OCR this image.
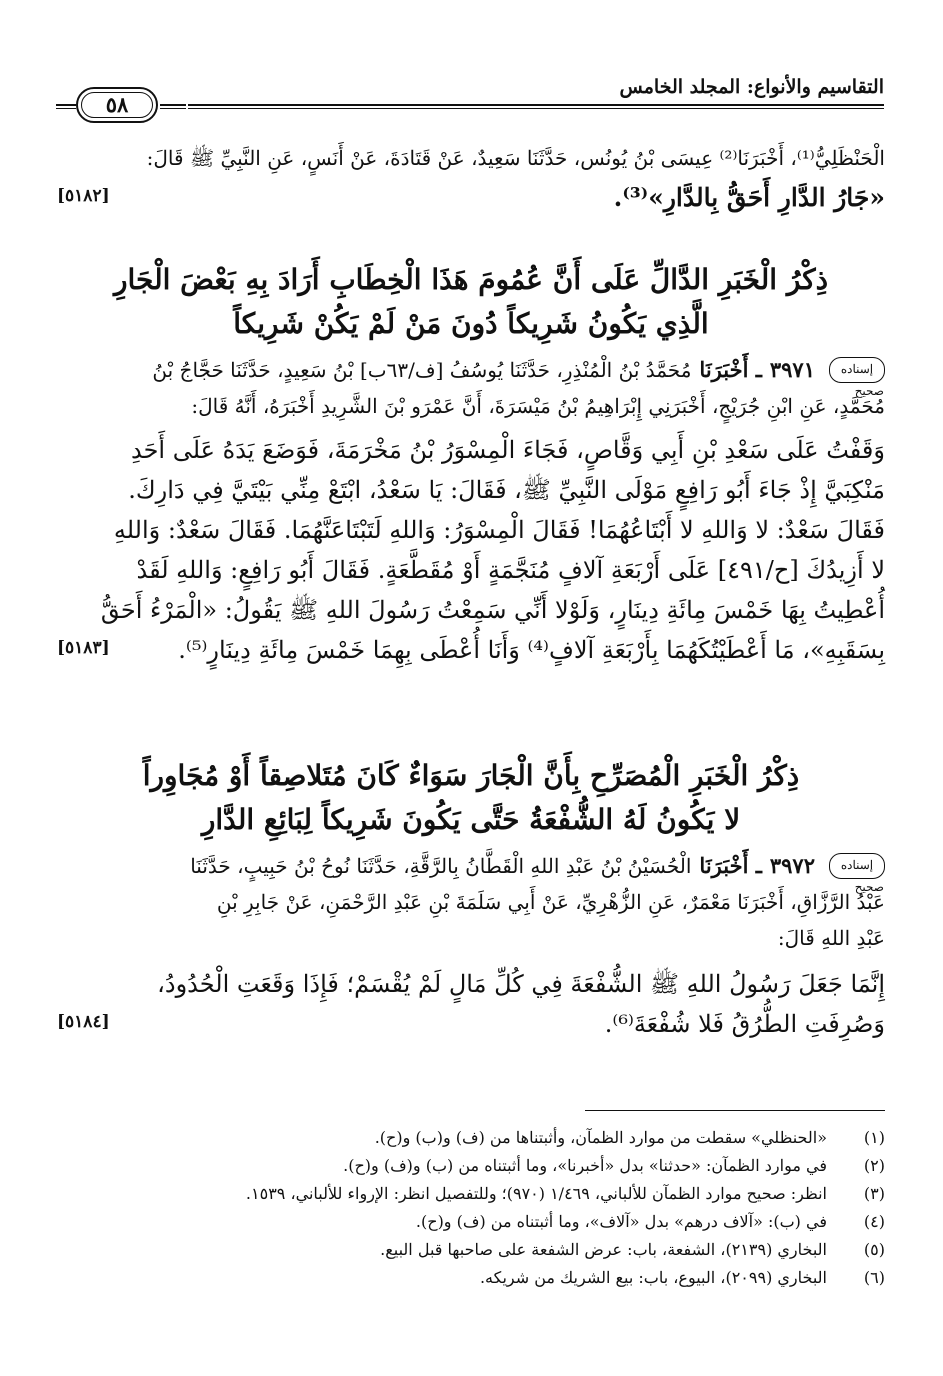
التقاسيم والأنواع: المجلد الخامس
٥٨

الْحَنْظَلِيُّ⁽¹⁾، أَخْبَرَنَا⁽²⁾ عِيسَى بْنُ يُونُس، حَدَّثَنَا سَعِيدٌ، عَنْ قَتَادَةَ، عَنْ أَنَسٍ، عَنِ النَّبِيِّ ﷺ قَالَ:

«جَارُ الدَّارِ أَحَقُّ بِالدَّارِ»⁽³⁾.
[٥١٨٢]

ذِكْرُ الْخَبَرِ الدَّالِّ عَلَى أَنَّ عُمُومَ هَذَا الْخِطَابِ أَرَادَ بِهِ بَعْضَ الْجَارِ

الَّذِي يَكُونُ شَرِيكاً دُونَ مَنْ لَمْ يَكُنْ شَرِيكاً

إسناده صحيح
٣٩٧١
ـ أَخْبَرَنَا
مُحَمَّدُ بْنُ الْمُنْذِرِ، حَدَّثَنَا يُوسُفُ [ف/٦٣ب] بْنُ سَعِيدٍ، حَدَّثَنَا حَجَّاجُ بْنُ

مُحَمَّدٍ، عَنِ ابْنِ جُرَيْجٍ، أَخْبَرَنِي إِبْرَاهِيمُ بْنُ مَيْسَرَةَ، أَنَّ عَمْرَو بْنَ الشَّرِيدِ أَخْبَرَهُ، أَنَّهُ قَالَ:

وَقَفْتُ عَلَى سَعْدِ بْنِ أَبِي وَقَّاصٍ، فَجَاءَ الْمِسْوَرُ بْنُ مَخْرَمَةَ، فَوَضَعَ يَدَهُ عَلَى أَحَدِ

مَنْكِبَيَّ إِذْ جَاءَ أَبُو رَافِعٍ مَوْلَى النَّبِيِّ ﷺ، فَقَالَ: يَا سَعْدُ، ابْتَعْ مِنِّي بَيْتَيَّ فِي دَارِكَ.

فَقَالَ سَعْدٌ: لا وَاللهِ لا أَبْتَاعُهُمَا! فَقَالَ الْمِسْوَرُ: وَاللهِ لَتَبْتَاعَنَّهُمَا. فَقَالَ سَعْدٌ: وَاللهِ

لا أَزِيدُكَ [ح/٤٩١] عَلَى أَرْبَعَةِ آلافٍ مُنَجَّمَةٍ أَوْ مُقَطَّعَةٍ. فَقَالَ أَبُو رَافِعٍ: وَاللهِ لَقَدْ

أُعْطِيتُ بِهَا خَمْسَ مِائَةِ دِينَارٍ، وَلَوْلا أَنِّي سَمِعْتُ رَسُولَ اللهِ ﷺ يَقُولُ: «الْمَرْءُ أَحَقُّ

بِسَقَبِهِ»، مَا أَعْطَيْتُكَهُمَا بِأَرْبَعَةِ آلافٍ⁽⁴⁾ وَأَنَا أُعْطَى بِهِمَا خَمْسَ مِائَةِ دِينَارٍ⁽⁵⁾.
[٥١٨٣]

ذِكْرُ الْخَبَرِ الْمُصَرِّحِ بِأَنَّ الْجَارَ سَوَاءٌ كَانَ مُتَلاصِقاً أَوْ مُجَاوِراً

لا يَكُونُ لَهُ الشُّفْعَةُ حَتَّى يَكُونَ شَرِيكاً لِبَائِعِ الدَّارِ

إسناده صحيح
٣٩٧٢
ـ أَخْبَرَنَا
الْحُسَيْنُ بْنُ عَبْدِ اللهِ الْقَطَّانُ بِالرَّقَّةِ، حَدَّثَنَا نُوحُ بْنُ حَبِيبٍ، حَدَّثَنَا

عَبْدُ الرَّزَّاقِ، أَخْبَرَنَا مَعْمَرٌ، عَنِ الزُّهْرِيِّ، عَنْ أَبِي سَلَمَةَ بْنِ عَبْدِ الرَّحْمَنِ، عَنْ جَابِرِ بْنِ

عَبْدِ اللهِ قَالَ:

إِنَّمَا جَعَلَ رَسُولُ اللهِ ﷺ الشُّفْعَةَ فِي كُلِّ مَالٍ لَمْ يُقْسَمْ؛ فَإِذَا وَقَعَتِ الْحُدُودُ،

وَصُرِفَتِ الطُّرُقُ فَلا شُفْعَةَ⁽⁶⁾.
[٥١٨٤]
(١)
«الحنظلي» سقطت من موارد الظمآن، وأثبتناها من (ف) و(ب) و(ح).
(٢)
في موارد الظمآن: «حدثنا» بدل «أخبرنا»، وما أثبتناه من (ب) و(ف) و(ح).
(٣)
انظر: صحيح موارد الظمآن للألباني، ١/٤٦٩ (٩٧٠)؛ وللتفصيل انظر: الإرواء للألباني، ١٥٣٩.
(٤)
في (ب): «آلاف درهم» بدل «آلاف»، وما أثبتناه من (ف) و(ح).
(٥)
البخاري (٢١٣٩)، الشفعة، باب: عرض الشفعة على صاحبها قبل البيع.
(٦)
البخاري (٢٠٩٩)، البيوع، باب: بيع الشريك من شريكه.
